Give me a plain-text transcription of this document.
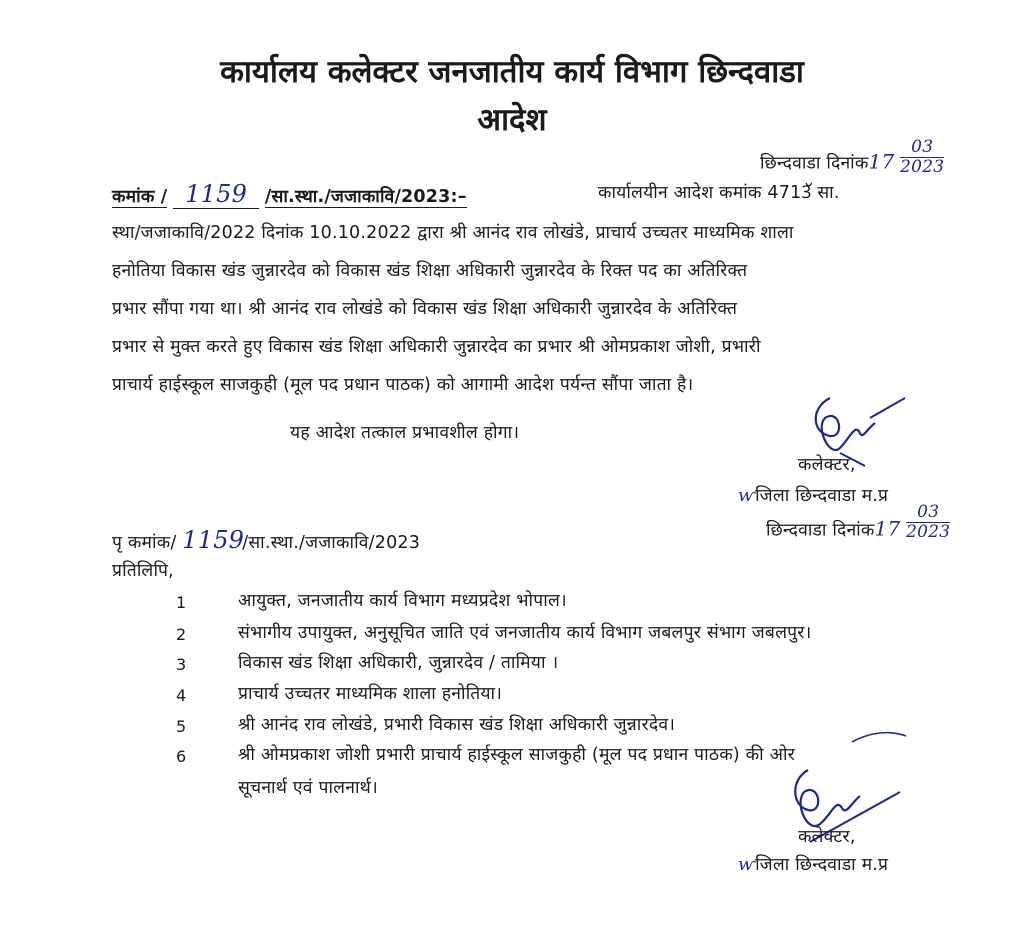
कार्यालय कलेक्टर जनजातीय कार्य विभाग छिन्दवाडा
आदेश
छिन्दवाडा दिनांक17 $\frac{03}{2023}$
कमांक / 1159 /सा.स्था./जजाकावि/2023:–	कार्यालयीन आदेश कमांक 4713ॅ सा.
स्था/जजाकावि/2022 दिनांक 10.10.2022 द्वारा श्री आनंद राव लोखंडे, प्राचार्य उच्चतर माध्यमिक शाला
हनोतिया विकास खंड जुन्नारदेव को विकास खंड शिक्षा अधिकारी जुन्नारदेव के रिक्त पद का अतिरिक्त
प्रभार सौंपा गया था। श्री आनंद राव लोखंडे को विकास खंड शिक्षा अधिकारी जुन्नारदेव के अतिरिक्त
प्रभार से मुक्त करते हुए विकास खंड शिक्षा अधिकारी जुन्नारदेव का प्रभार श्री ओमप्रकाश जोशी, प्रभारी
प्राचार्य हाईस्कूल साजकुही (मूल पद प्रधान पाठक) को आगामी आदेश पर्यन्त सौंपा जाता है।
यह आदेश तत्काल प्रभावशील होगा।
कलेक्टर,
ⱳजिला छिन्दवाडा म.प्र
छिन्दवाडा दिनांक17 $\frac{03}{2023}$
पृ कमांक/ 1159/सा.स्था./जजाकावि/2023
प्रतिलिपि,
1	आयुक्त, जनजातीय कार्य विभाग मध्यप्रदेश भोपाल।
2	संभागीय उपायुक्त, अनुसूचित जाति एवं जनजातीय कार्य विभाग जबलपुर संभाग जबलपुर।
3	विकास खंड शिक्षा अधिकारी, जुन्नारदेव / तामिया ।
4	प्राचार्य उच्चतर माध्यमिक शाला हनोतिया।
5	श्री आनंद राव लोखंडे, प्रभारी विकास खंड शिक्षा अधिकारी जुन्नारदेव।
6	श्री ओमप्रकाश जोशी प्रभारी प्राचार्य हाईस्कूल साजकुही (मूल पद प्रधान पाठक) की ओर
सूचनार्थ एवं पालनार्थ।
कलेक्टर,
ⱳजिला छिन्दवाडा म.प्र
